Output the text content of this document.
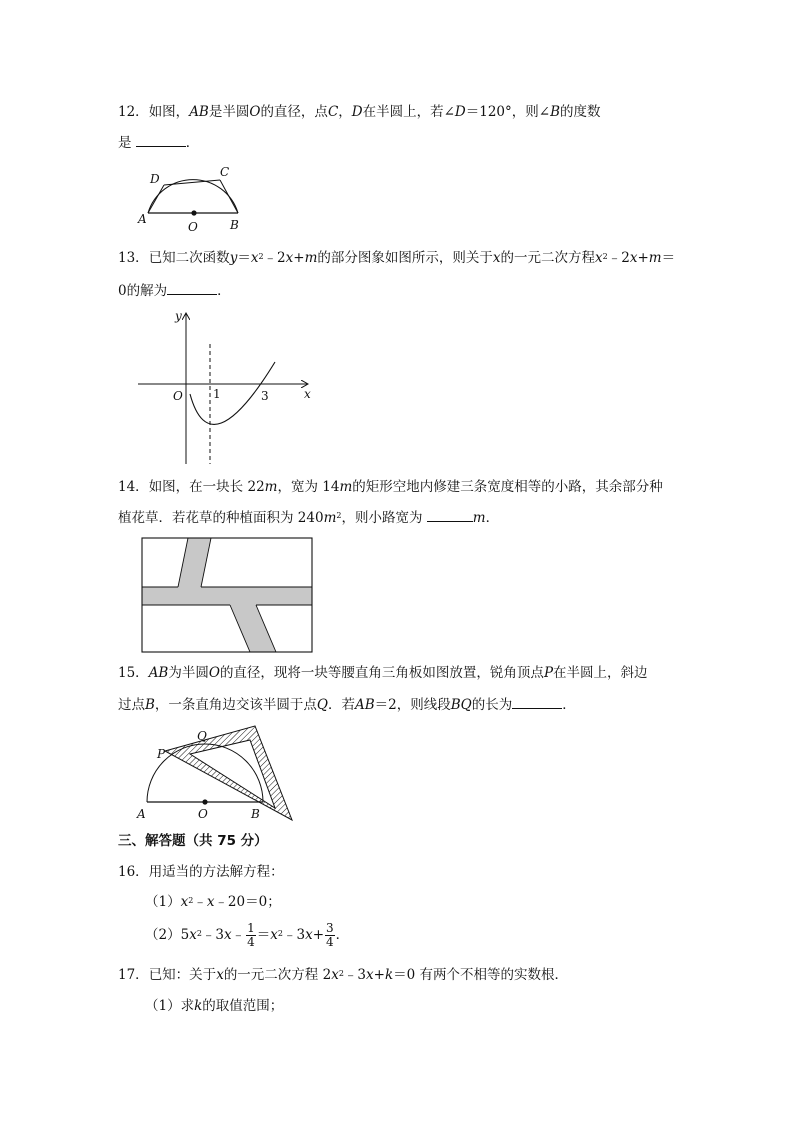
12．如图，AB是半圆O的直径，点C，D在半圆上，若∠D＝120°，则∠B的度数
是	．
D	C
A
O	B
13．已知二次函数$y=x^2﹣2x+m$的部分图象如图所示，则关于x的一元二次方程$x^2﹣2x+m=$
0的解为	．
y
x
O	1	3
14．如图，在一块长 22m，宽为 14m的矩形空地内修建三条宽度相等的小路，其余部分种
植花草．若花草的种植面积为 $240m^2$，则小路宽为	m．
15．AB为半圆O的直径，现将一块等腰直角三角板如图放置，锐角顶点P在半圆上，斜边
过点B，一条直角边交该半圆于点Q．若AB＝2，则线段BQ的长为	．
P
Q
A	O	B
三、解答题（共 75 分）
16．用适当的方法解方程：
$(1)x^2﹣x﹣20=0$；
$(2)5x^2﹣3x﹣ \frac{1}{4}$ $=x^2﹣3x+ \frac{3}{4}$ ．
17．已知：关于x的一元二次方程 $2x^2﹣3x+k=0$ 有两个不相等的实数根．
（1）求k的取值范围；
